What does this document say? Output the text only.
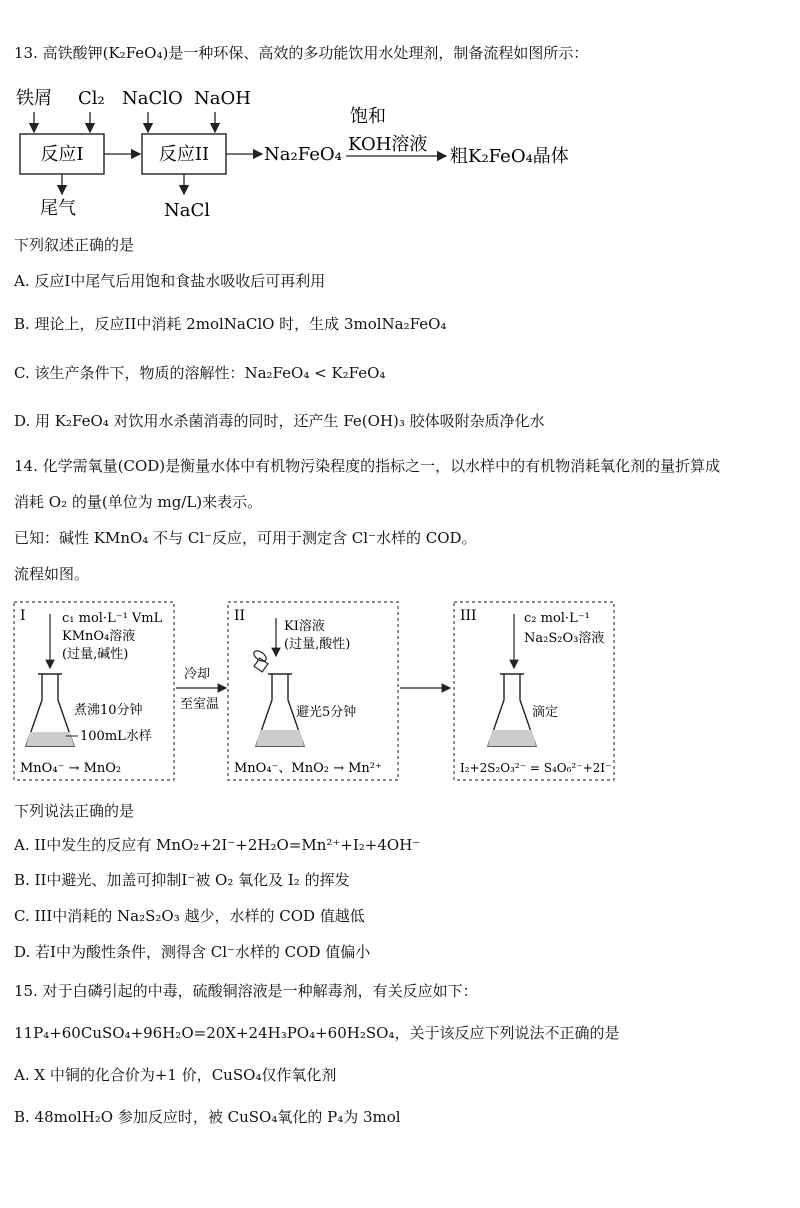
13. 高铁酸钾(K₂FeO₄)是一种环保、高效的多功能饮用水处理剂，制备流程如图所示：
铁屑 Cl₂ NaClO NaOH
反应I	反应II	Na₂FeO₄
饱和
KOH溶液
粗K₂FeO₄晶体
尾气	NaCl
下列叙述正确的是
A. 反应I中尾气后用饱和食盐水吸收后可再利用
B. 理论上，反应II中消耗 2molNaClO 时，生成 3molNa₂FeO₄
C. 该生产条件下，物质的溶解性：Na₂FeO₄ < K₂FeO₄
D. 用 K₂FeO₄ 对饮用水杀菌消毒的同时，还产生 Fe(OH)₃ 胶体吸附杂质净化水
14. 化学需氧量(COD)是衡量水体中有机物污染程度的指标之一，以水样中的有机物消耗氧化剂的量折算成
消耗 O₂ 的量(单位为 mg/L)来表示。
已知：碱性 KMnO₄ 不与 Cl⁻反应，可用于测定含 Cl⁻水样的 COD。
流程如图。
I	c₁ mol·L⁻¹ VmL
KMnO₄溶液
(过量,碱性)
煮沸10分钟
100mL水样
MnO₄⁻ → MnO₂
冷却
至室温
II
KI溶液
(过量,酸性)
避光5分钟
MnO₄⁻、MnO₂ → Mn²⁺
III	c₂ mol·L⁻¹
Na₂S₂O₃溶液
滴定
I₂+2S₂O₃²⁻ = S₄O₆²⁻+2I⁻
下列说法正确的是
A. II中发生的反应有 MnO₂+2I⁻+2H₂O=Mn²⁺+I₂+4OH⁻
B. II中避光、加盖可抑制I⁻被 O₂ 氧化及 I₂ 的挥发
C. III中消耗的 Na₂S₂O₃ 越少，水样的 COD 值越低
D. 若I中为酸性条件，测得含 Cl⁻水样的 COD 值偏小
15. 对于白磷引起的中毒，硫酸铜溶液是一种解毒剂，有关反应如下：
11P₄+60CuSO₄+96H₂O=20X+24H₃PO₄+60H₂SO₄，关于该反应下列说法不正确的是
A. X 中铜的化合价为+1 价，CuSO₄仅作氧化剂
B. 48molH₂O 参加反应时，被 CuSO₄氧化的 P₄为 3mol
